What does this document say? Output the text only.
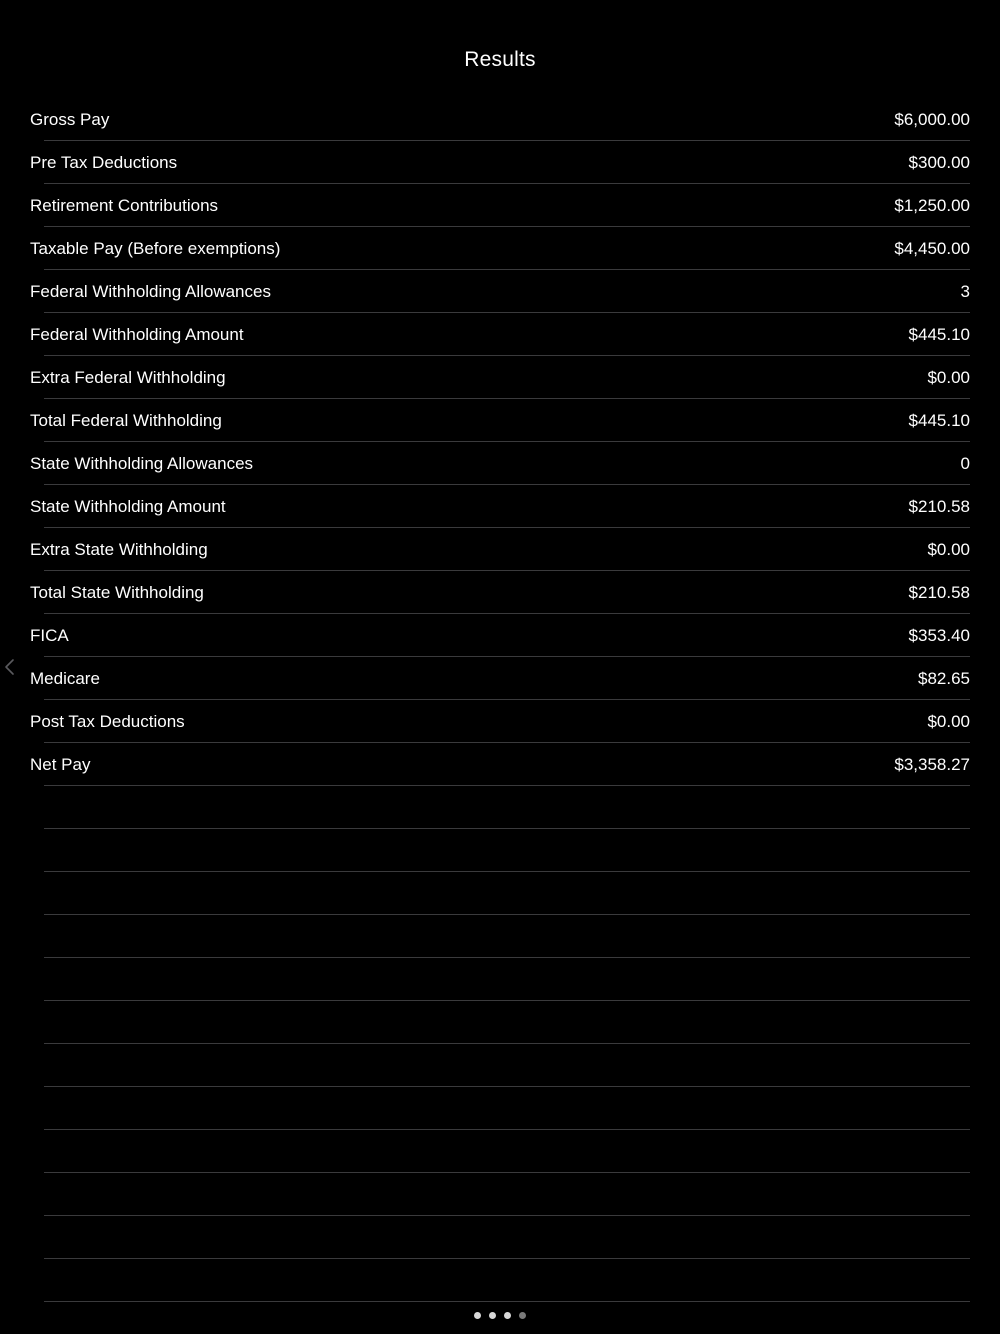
Results
Gross Pay	$6,000.00
Pre Tax Deductions	$300.00
Retirement Contributions	$1,250.00
Taxable Pay (Before exemptions)	$4,450.00
Federal Withholding Allowances	3
Federal Withholding Amount	$445.10
Extra Federal Withholding	$0.00
Total Federal Withholding	$445.10
State Withholding Allowances	0
State Withholding Amount	$210.58
Extra State Withholding	$0.00
Total State Withholding	$210.58
FICA	$353.40
Medicare	$82.65
Post Tax Deductions	$0.00
Net Pay	$3,358.27
